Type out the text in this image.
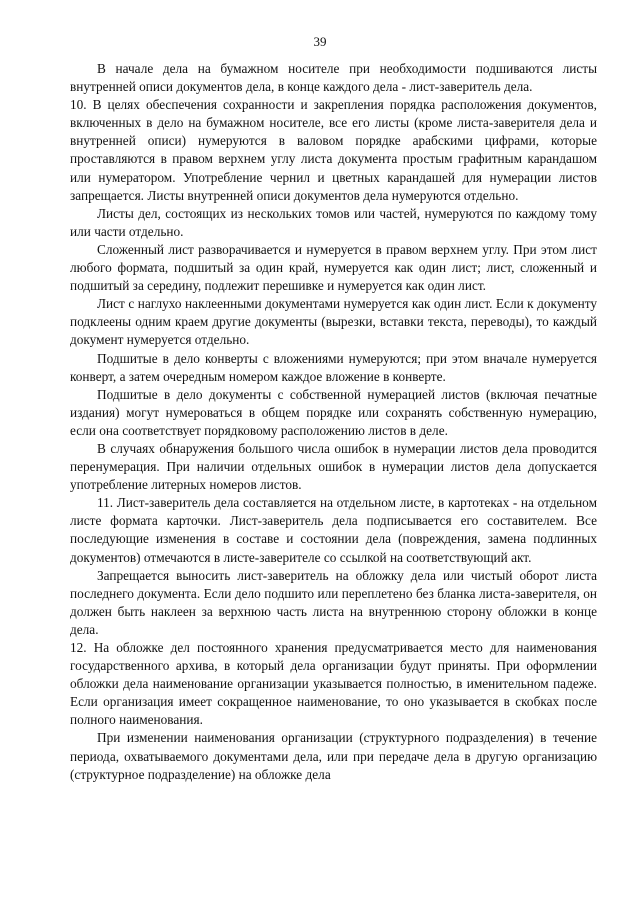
39

В начале дела на бумажном носителе при необходимости подшиваются листы внутренней описи документов дела, в конце каждого дела - лист-заверитель дела.

10. В целях обеспечения сохранности и закрепления порядка расположения документов, включенных в дело на бумажном носителе, все его листы (кроме листа-заверителя дела и внутренней описи) нумеруются в валовом порядке арабскими цифрами, которые проставляются в правом верхнем углу листа документа простым графитным карандашом или нумератором. Употребление чернил и цветных карандашей для нумерации листов запрещается. Листы внутренней описи документов дела нумеруются отдельно.

Листы дел, состоящих из нескольких томов или частей, нумеруются по каждому тому или части отдельно.

Сложенный лист разворачивается и нумеруется в правом верхнем углу. При этом лист любого формата, подшитый за один край, нумеруется как один лист; лист, сложенный и подшитый за середину, подлежит перешивке и нумеруется как один лист.

Лист с наглухо наклеенными документами нумеруется как один лист. Если к документу подклеены одним краем другие документы (вырезки, вставки текста, переводы), то каждый документ нумеруется отдельно.

Подшитые в дело конверты с вложениями нумеруются; при этом вначале нумеруется конверт, а затем очередным номером каждое вложение в конверте.

Подшитые в дело документы с собственной нумерацией листов (включая печатные издания) могут нумероваться в общем порядке или сохранять собственную нумерацию, если она соответствует порядковому расположению листов в деле.

В случаях обнаружения большого числа ошибок в нумерации листов дела проводится перенумерация. При наличии отдельных ошибок в нумерации листов дела допускается употребление литерных номеров листов.

11. Лист-заверитель дела составляется на отдельном листе, в картотеках - на отдельном листе формата карточки. Лист-заверитель дела подписывается его составителем. Все последующие изменения в составе и состоянии дела (повреждения, замена подлинных документов) отмечаются в листе-заверителе со ссылкой на соответствующий акт.

Запрещается выносить лист-заверитель на обложку дела или чистый оборот листа последнего документа. Если дело подшито или переплетено без бланка листа-заверителя, он должен быть наклеен за верхнюю часть листа на внутреннюю сторону обложки в конце дела.

12. На обложке дел постоянного хранения предусматривается место для наименования государственного архива, в который дела организации будут приняты. При оформлении обложки дела наименование организации указывается полностью, в именительном падеже. Если организация имеет сокращенное наименование, то оно указывается в скобках после полного наименования.

При изменении наименования организации (структурного подразделения) в течение периода, охватываемого документами дела, или при передаче дела в другую организацию (структурное подразделение) на обложке дела
